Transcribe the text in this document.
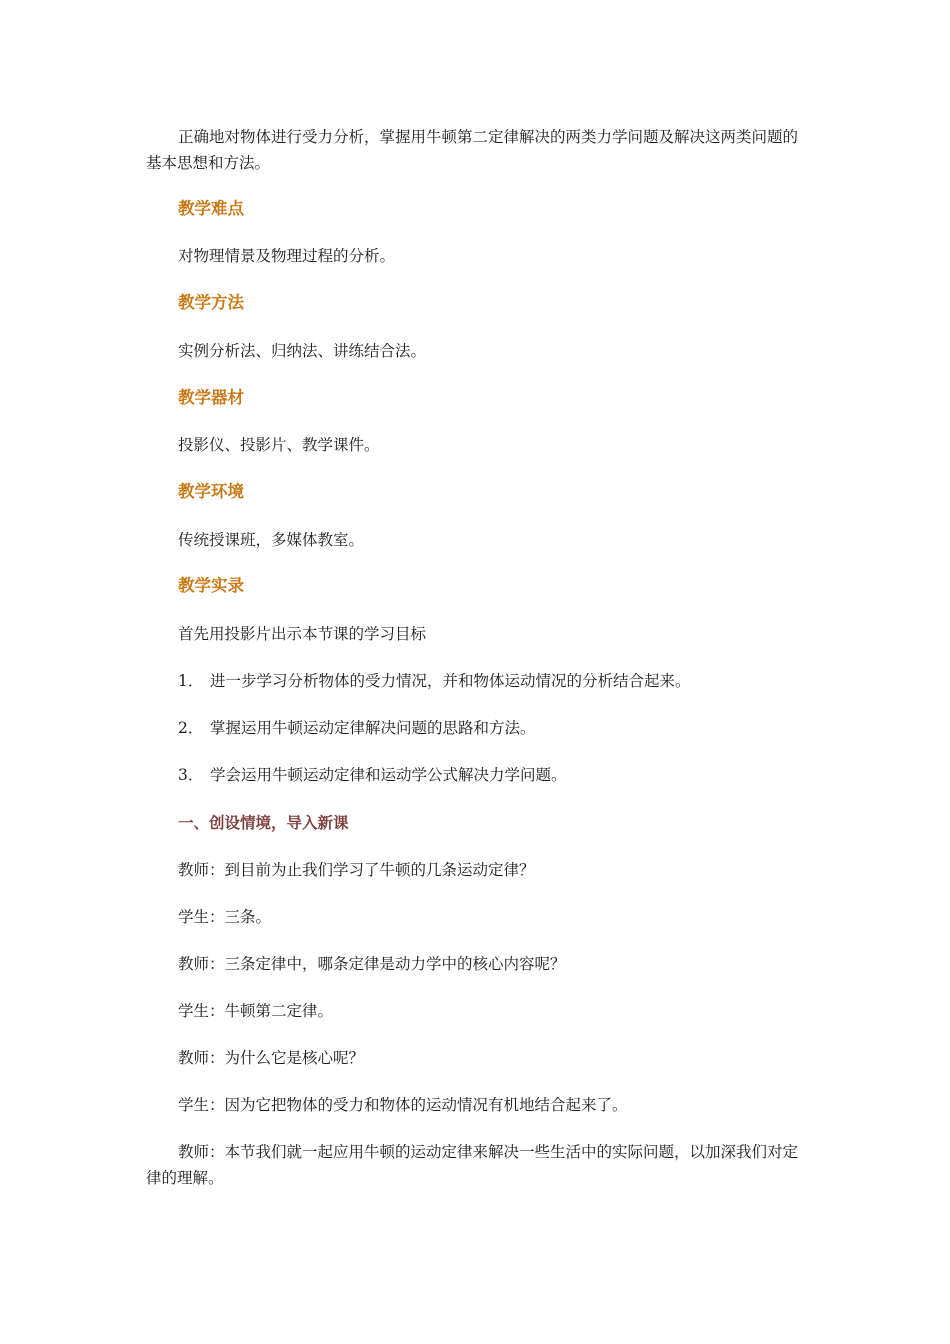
正确地对物体进行受力分析，掌握用牛顿第二定律解决的两类力学问题及解决这两类问题的基本思想和方法。

教学难点

对物理情景及物理过程的分析。

教学方法

实例分析法、归纳法、讲练结合法。

教学器材

投影仪、投影片、教学课件。

教学环境

传统授课班，多媒体教室。

教学实录

首先用投影片出示本节课的学习目标

1． 进一步学习分析物体的受力情况，并和物体运动情况的分析结合起来。

2． 掌握运用牛顿运动定律解决问题的思路和方法。

3． 学会运用牛顿运动定律和运动学公式解决力学问题。

一、创设情境，导入新课

教师：到目前为止我们学习了牛顿的几条运动定律？

学生：三条。

教师：三条定律中，哪条定律是动力学中的核心内容呢？

学生：牛顿第二定律。

教师：为什么它是核心呢？

学生：因为它把物体的受力和物体的运动情况有机地结合起来了。

教师：本节我们就一起应用牛顿的运动定律来解决一些生活中的实际问题，以加深我们对定律的理解。
